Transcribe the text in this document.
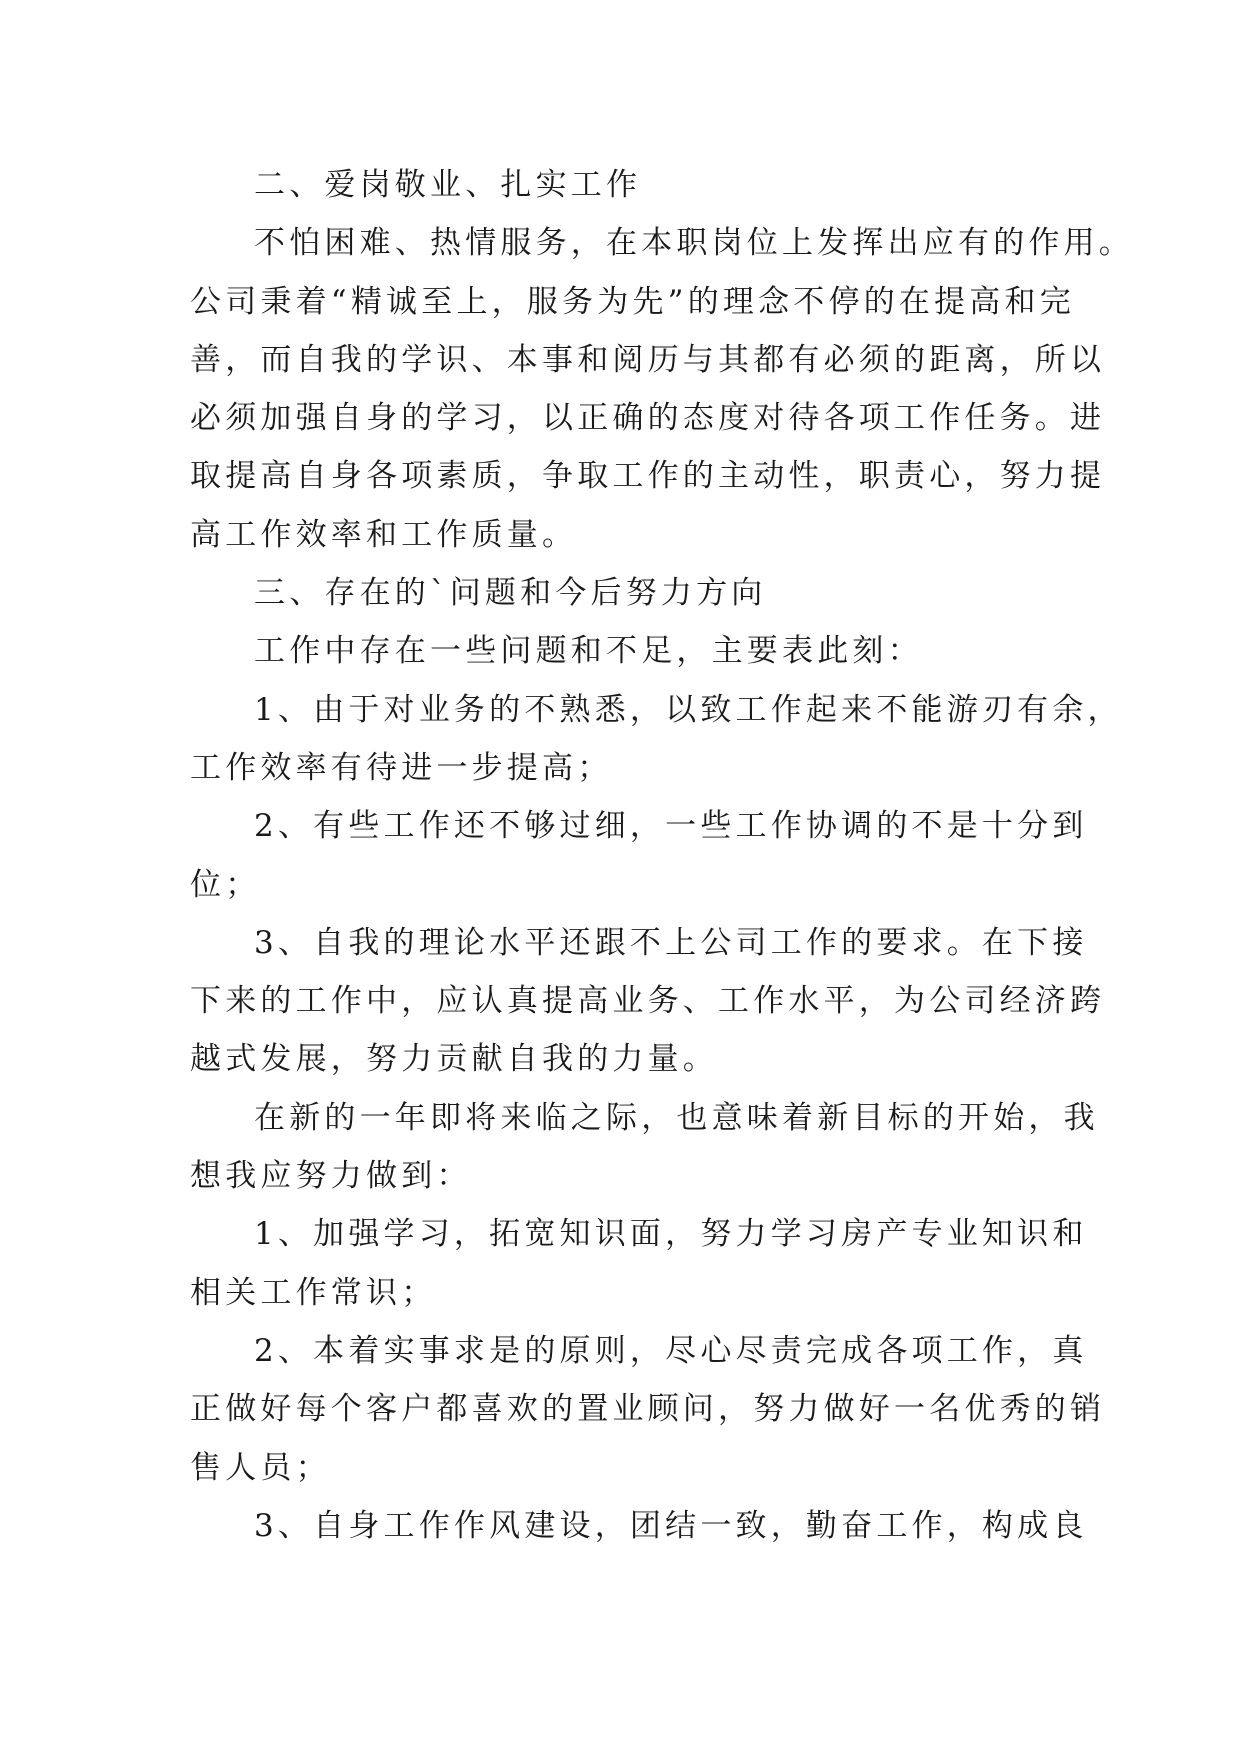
二、爱岗敬业、扎实工作

不怕困难、热情服务，在本职岗位上发挥出应有的作用。
公司秉着“精诚至上，服务为先”的理念不停的在提高和完
善，而自我的学识、本事和阅历与其都有必须的距离，所以
必须加强自身的学习，以正确的态度对待各项工作任务。进
取提高自身各项素质，争取工作的主动性，职责心，努力提
高工作效率和工作质量。

三、存在的`问题和今后努力方向

工作中存在一些问题和不足，主要表此刻：

1、由于对业务的不熟悉，以致工作起来不能游刃有余，
工作效率有待进一步提高；

2、有些工作还不够过细，一些工作协调的不是十分到
位；

3、自我的理论水平还跟不上公司工作的要求。在下接
下来的工作中，应认真提高业务、工作水平，为公司经济跨
越式发展，努力贡献自我的力量。

在新的一年即将来临之际，也意味着新目标的开始，我
想我应努力做到：

1、加强学习，拓宽知识面，努力学习房产专业知识和
相关工作常识；

2、本着实事求是的原则，尽心尽责完成各项工作，真
正做好每个客户都喜欢的置业顾问，努力做好一名优秀的销
售人员；

3、自身工作作风建设，团结一致，勤奋工作，构成良
